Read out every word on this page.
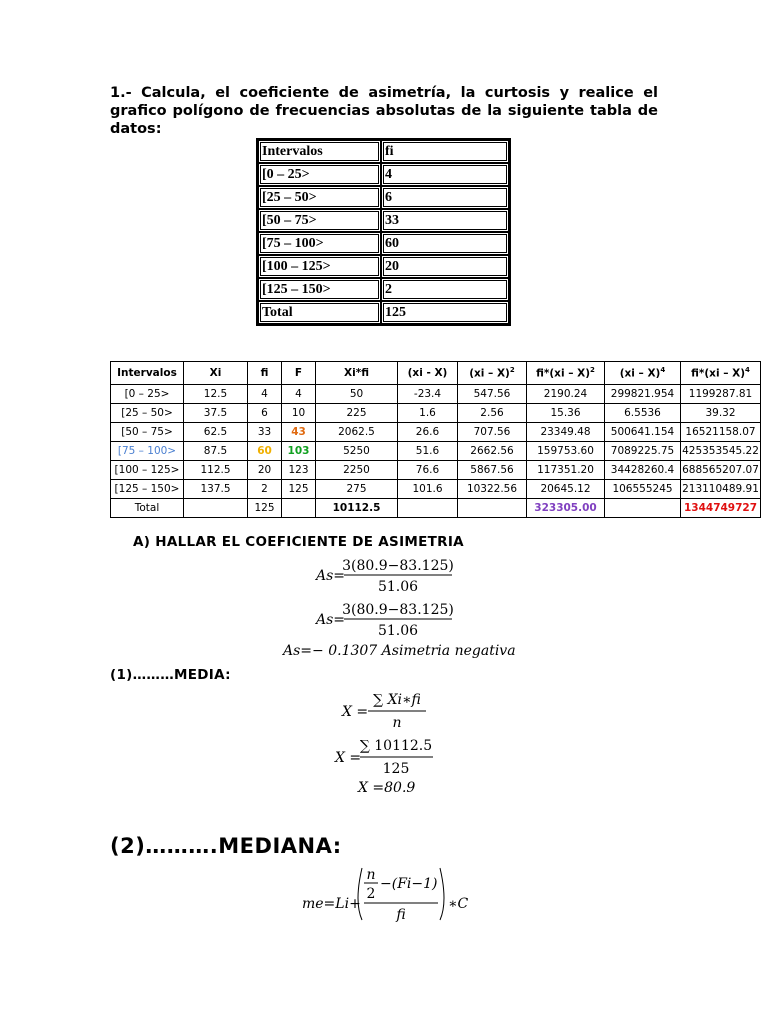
1.- Calcula, el coeficiente de asimetría, la curtosis y realice el grafico polígono de frecuencias absolutas de la siguiente tabla de datos:
Intervalos	fi
[0 – 25>	4
[25 – 50>	6
[50 – 75>	33
[75 – 100>	60
[100 – 125>	20
[125 – 150>	2
Total	125
Intervalos	Xi	fi	F	Xi*fi	(xi - X)	(xi – X)$^2$	fi*(xi – X)$^2$	(xi – X)$^4$	fi*(xi – X)$^4$
[0 – 25>	12.5	4	4	50	-23.4	547.56	2190.24	299821.954	1199287.81
[25 – 50>	37.5	6	10	225	1.6	2.56	15.36	6.5536	39.32
[50 – 75>	62.5	33	43	2062.5	26.6	707.56	23349.48	500641.154	16521158.07
[75 – 100>	87.5	60	103	5250	51.6	2662.56	159753.60	7089225.75	425353545.22
[100 – 125>	112.5	20	123	2250	76.6	5867.56	117351.20	34428260.4	688565207.07
[125 – 150>	137.5	2	125	275	101.6	10322.56	20645.12	106555245	213110489.91
Total		125		10112.5			323305.00		1344749727
A) HALLAR EL COEFICIENTE DE ASIMETRIA
As=
3(80.9−83.125)
51.06
As=
3(80.9−83.125)
51.06
As=− 0.1307 Asimetria negativa
(1)………MEDIA:
X =
∑ Xi∗fi
n
X =
∑ 10112.5
125
X =80.9
(2)……….MEDIANA:
me=Li+
n
2
−(Fi−1)
fi
∗C
